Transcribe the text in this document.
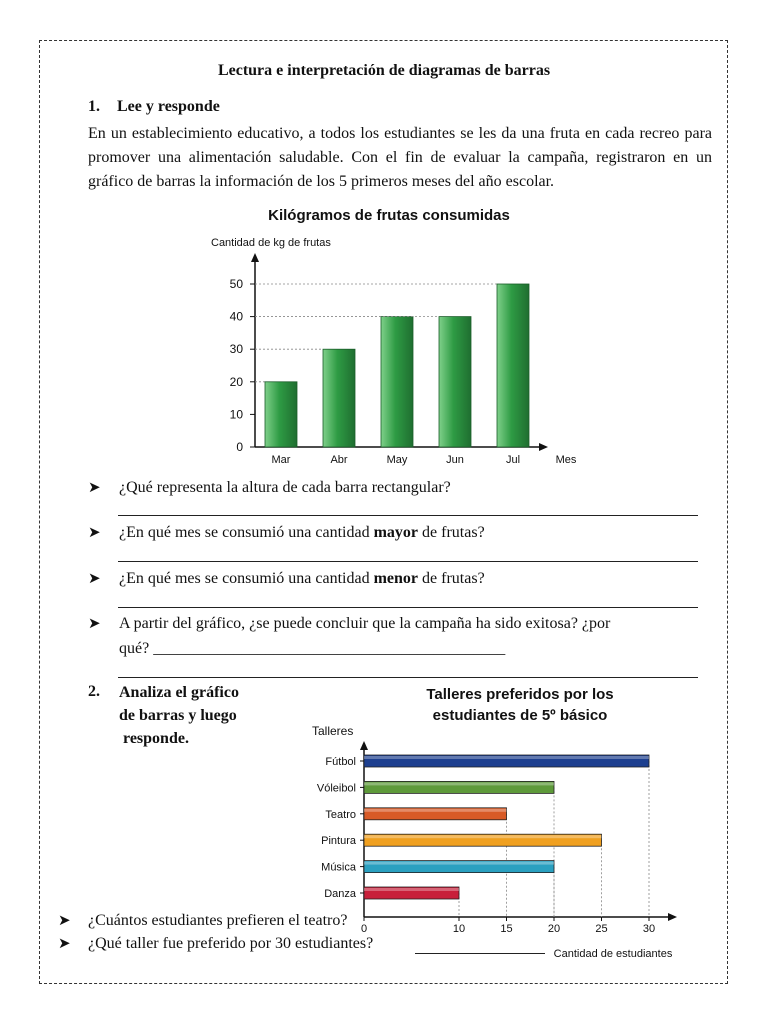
Lectura e interpretación de diagramas de barras
1. Lee y responde
En un establecimiento educativo, a todos los estudiantes se les da una fruta en cada recreo para promover una alimentación saludable. Con el fin de evaluar la campaña, registraron en un gráfico de barras la información de los 5 primeros meses del año escolar.
Kilógramos de frutas consumidas
Cantidad de kg de frutas
0
10
20
30
40
50
Mar	Abr	May	Jun	Jul	Mes
➤ ¿Qué representa la altura de cada barra rectangular?
➤ ¿En qué mes se consumió una cantidad mayor de frutas?
➤ ¿En qué mes se consumió una cantidad menor de frutas?
➤ A partir del gráfico, ¿se puede concluir que la campaña ha sido exitosa? ¿por
qué? ____________________________________________
2. Analiza el gráfico
de barras y luego
responde.
Talleres preferidos por los
estudiantes de 5º básico
Talleres
Fútbol
Vóleibol
Teatro
Pintura
Música
Danza
0	10	15	20	25	30
Cantidad de estudiantes
➤ ¿Cuántos estudiantes prefieren el teatro?
➤ ¿Qué taller fue preferido por 30 estudiantes?
